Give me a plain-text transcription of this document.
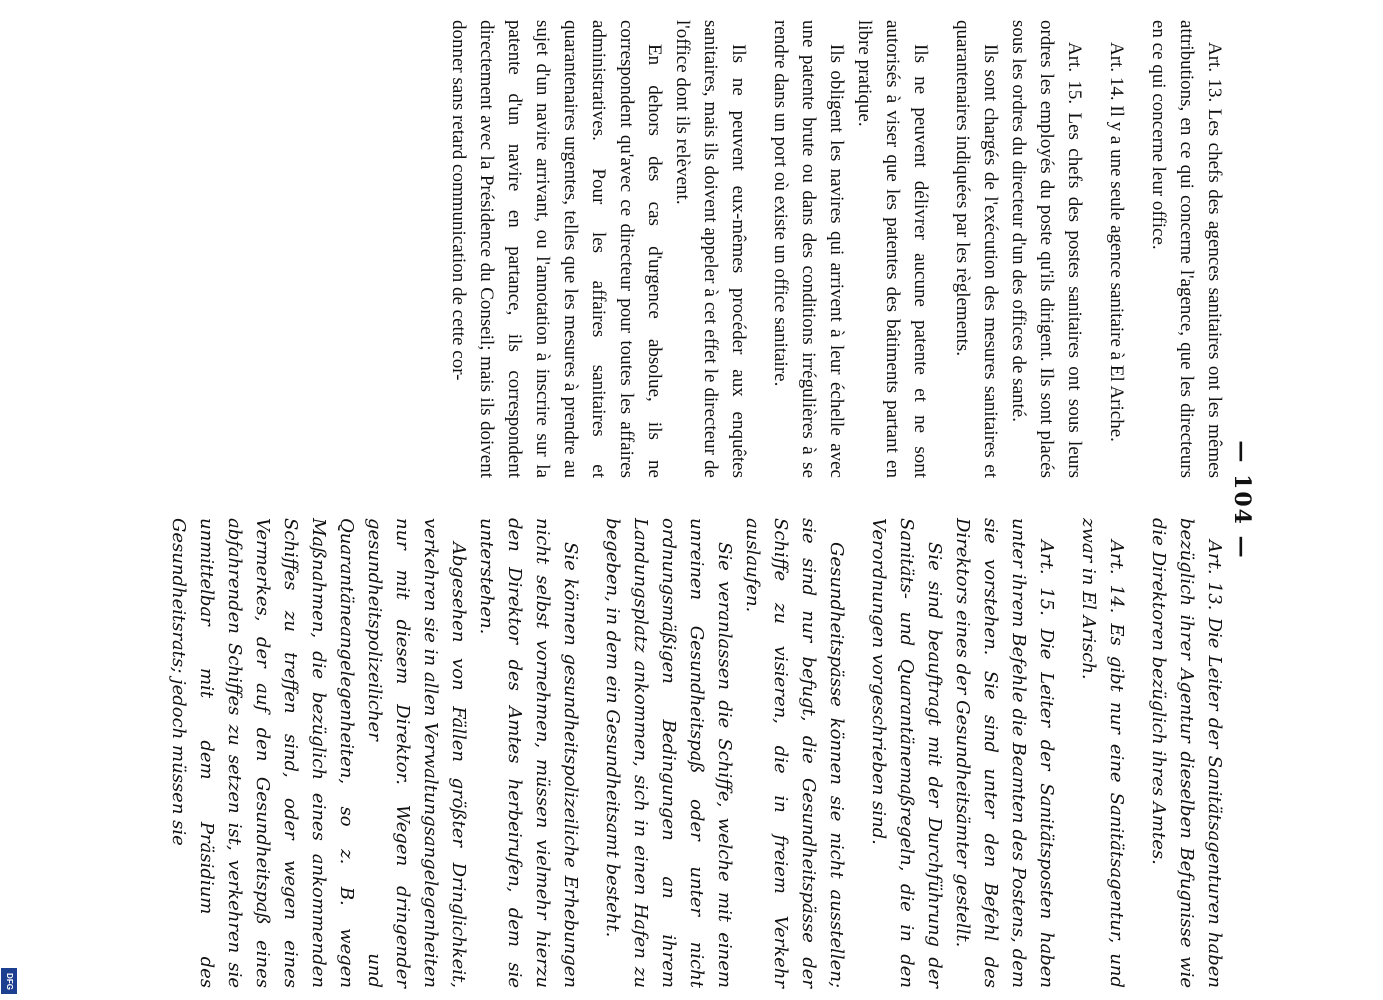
— 104 —

Art. 13. Les chefs des agences sanitaires ont les mêmes attributions, en ce qui concerne l'agence, que les directeurs en ce qui concerne leur office.

Art. 14. Il y a une seule agence sanitaire à El Ariche.

Art. 15. Les chefs des postes sanitaires ont sous leurs ordres les employés du poste qu'ils dirigent. Ils sont placés sous les ordres du directeur d'un des offices de santé.

Ils sont chargés de l'exécution des mesures sanitaires et quarantenaires indiquées par les règlements.

Ils ne peuvent délivrer aucune patente et ne sont autorisés à viser que les patentes des bâtiments partant en libre pratique.

Ils obligent les navires qui arrivent à leur échelle avec une patente brute ou dans des conditions irrégulières à se rendre dans un port où existe un office sanitaire.

Ils ne peuvent eux-mêmes procéder aux enquêtes sanitaires, mais ils doivent appeler à cet effet le directeur de l'office dont ils relèvent.

En dehors des cas d'urgence absolue, ils ne correspondent qu'avec ce directeur pour toutes les affaires administratives. Pour les affaires sanitaires et quarantenaires urgentes, telles que les mesures à prendre au sujet d'un navire arrivant, ou l'annotation à inscrire sur la patente d'un navire en partance, ils correspondent directement avec la Présidence du Conseil; mais ils doivent donner sans retard communication de cette cor-

Art. 13. Die Leiter der Sanitätsagenturen haben bezüglich ihrer Agentur dieselben Befugnisse wie die Direktoren bezüglich ihres Amtes.

Art. 14. Es gibt nur eine Sanitätsagentur, und zwar in El Arisch.

Art. 15. Die Leiter der Sanitätsposten haben unter ihrem Befehle die Beamten des Postens, dem sie vorstehen. Sie sind unter den Befehl des Direktors eines der Gesundheitsämter gestellt.

Sie sind beauftragt mit der Durchführung der Sanitäts- und Quarantänemaßregeln, die in den Verordnungen vorgeschrieben sind.

Gesundheitspässe können sie nicht ausstellen; sie sind nur befugt, die Gesundheitspässe der Schiffe zu visieren, die in freiem Verkehr auslaufen.

Sie veranlassen die Schiffe, welche mit einem unreinen Gesundheitspaß oder unter nicht ordnungsmäßigen Bedingungen an ihrem Landungsplatz ankommen, sich in einen Hafen zu begeben, in dem ein Gesundheitsamt besteht.

Sie können gesundheitspolizeiliche Erhebungen nicht selbst vornehmen, müssen vielmehr hierzu den Direktor des Amtes herbeirufen, dem sie unterstehen.

Abgesehen von Fällen größter Dringlichkeit, verkehren sie in allen Verwaltungsangelegenheiten nur mit diesem Direktor. Wegen dringender gesundheitspolizeilicher und Quarantäneangelegenheiten, so z. B. wegen Maßnahmen, die bezüglich eines ankommenden Schiffes zu treffen sind, oder wegen eines Vermerkes, der auf den Gesundheitspaß eines abfahrenden Schiffes zu setzen ist, verkehren sie unmittelbar mit dem Präsidium des Gesundheitsrats; jedoch müssen sie

DFG
